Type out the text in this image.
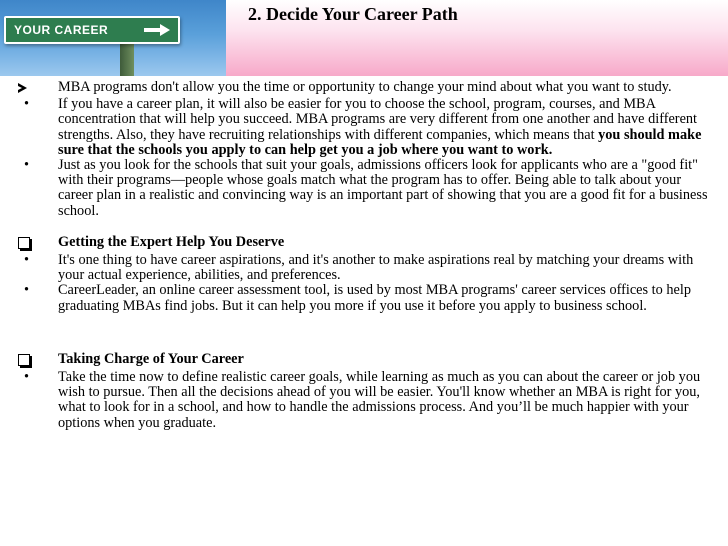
YOUR CAREER
2. Decide Your Career Path
MBA programs don't allow you the time or opportunity to change your mind about what you want to study.
•	If you have a career plan, it will also be easier for you to choose the school, program, courses, and MBA concentration that will help you succeed. MBA programs are very different from one another and have different strengths. Also, they have recruiting relationships with different companies, which means that you should make sure that the schools you apply to can help get you a job where you want to work.
•	Just as you look for the schools that suit your goals, admissions officers look for applicants who are a "good fit" with their programs—people whose goals match what the program has to offer. Being able to talk about your career plan in a realistic and convincing way is an important part of showing that you are a good fit for a business school.
Getting the Expert Help You Deserve
•	It's one thing to have career aspirations, and it's another to make aspirations real by matching your dreams with your actual experience, abilities, and preferences.
•	CareerLeader, an online career assessment tool, is used by most MBA programs' career services offices to help graduating MBAs find jobs. But it can help you more if you use it before you apply to business school.
Taking Charge of Your Career
•	Take the time now to define realistic career goals, while learning as much as you can about the career or job you wish to pursue. Then all the decisions ahead of you will be easier. You'll know whether an MBA is right for you, what to look for in a school, and how to handle the admissions process. And you’ll be much happier with your options when you graduate.
